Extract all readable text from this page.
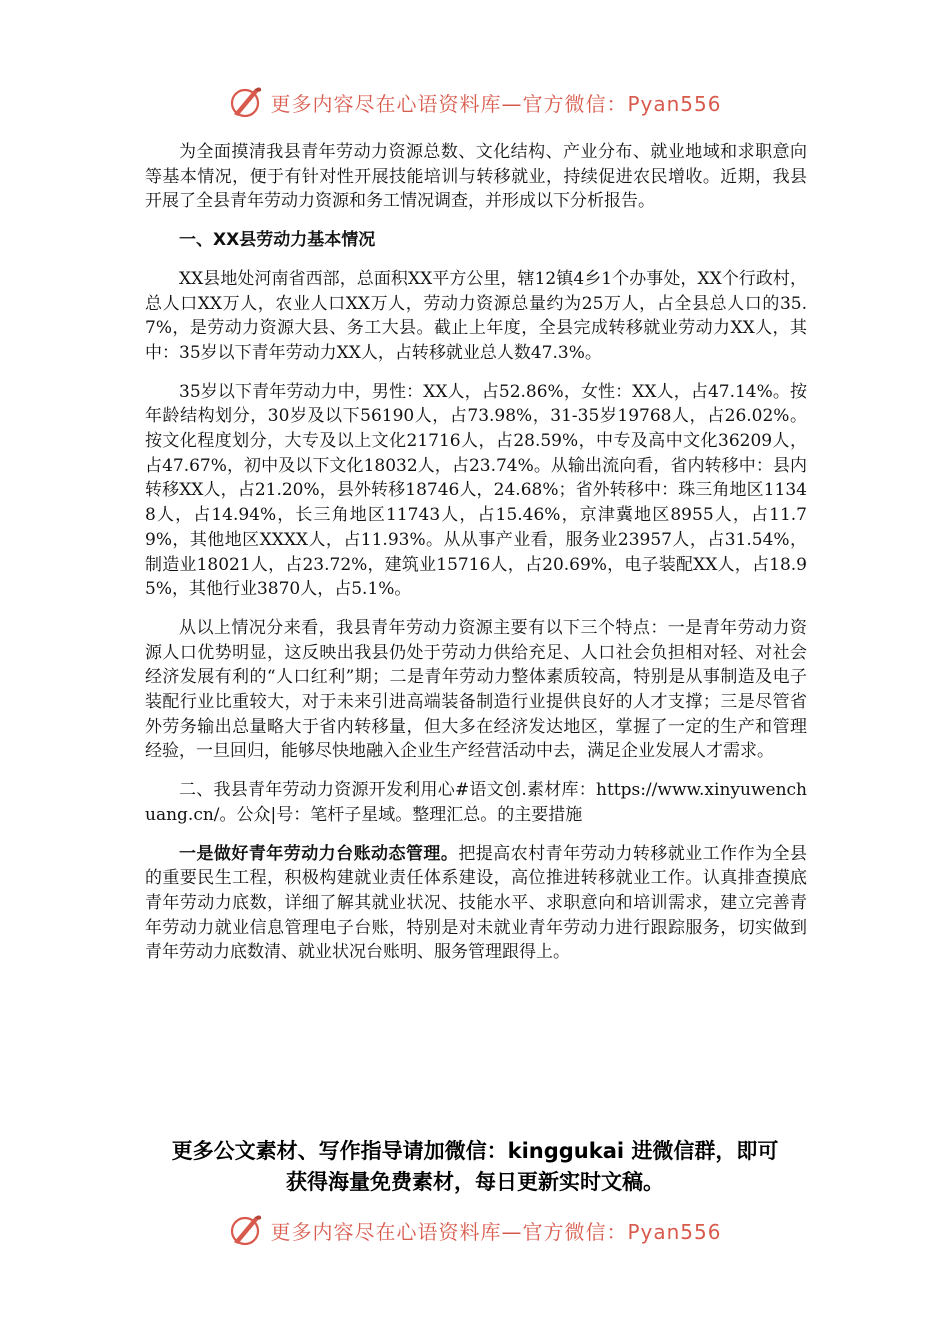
更多内容尽在心语资料库—官方微信：Pyan556

为全面摸清我县青年劳动力资源总数、文化结构、产业分布、就业地域和求职意向等基本情况，便于有针对性开展技能培训与转移就业，持续促进农民增收。近期，我县开展了全县青年劳动力资源和务工情况调查，并形成以下分析报告。

一、XX县劳动力基本情况

XX县地处河南省西部，总面积XX平方公里，辖12镇4乡1个办事处，XX个行政村，总人口XX万人，农业人口XX万人，劳动力资源总量约为25万人，占全县总人口的35.7%，是劳动力资源大县、务工大县。截止上年度，全县完成转移就业劳动力XX人，其中：35岁以下青年劳动力XX人，占转移就业总人数47.3%。

35岁以下青年劳动力中，男性：XX人，占52.86%，女性：XX人，占47.14%。按年龄结构划分，30岁及以下56190人，占73.98%，31-35岁19768人，占26.02%。按文化程度划分，大专及以上文化21716人，占28.59%，中专及高中文化36209人，占47.67%，初中及以下文化18032人，占23.74%。从输出流向看，省内转移中：县内转移XX人，占21.20%，县外转移18746人，24.68%；省外转移中：珠三角地区11348人，占14.94%，长三角地区11743人，占15.46%，京津冀地区8955人，占11.79%，其他地区XXXX人，占11.93%。从从事产业看，服务业23957人，占31.54%，制造业18021人，占23.72%，建筑业15716人，占20.69%，电子装配XX人，占18.95%，其他行业3870人，占5.1%。

从以上情况分来看，我县青年劳动力资源主要有以下三个特点：一是青年劳动力资源人口优势明显，这反映出我县仍处于劳动力供给充足、人口社会负担相对轻、对社会经济发展有利的“人口红利”期；二是青年劳动力整体素质较高，特别是从事制造及电子装配行业比重较大，对于未来引进高端装备制造行业提供良好的人才支撑；三是尽管省外劳务输出总量略大于省内转移量，但大多在经济发达地区，掌握了一定的生产和管理经验，一旦回归，能够尽快地融入企业生产经营活动中去，满足企业发展人才需求。

二、我县青年劳动力资源开发利用心#语文创.素材库：https://www.xinyuwenchuang.cn/。公众|号：笔杆子星域。整理汇总。的主要措施

一是做好青年劳动力台账动态管理。把提高农村青年劳动力转移就业工作作为全县的重要民生工程，积极构建就业责任体系建设，高位推进转移就业工作。认真排查摸底青年劳动力底数，详细了解其就业状况、技能水平、求职意向和培训需求，建立完善青年劳动力就业信息管理电子台账，特别是对未就业青年劳动力进行跟踪服务，切实做到青年劳动力底数清、就业状况台账明、服务管理跟得上。

更多公文素材、写作指导请加微信：kinggukai 进微信群，即可
获得海量免费素材，每日更新实时文稿。
更多内容尽在心语资料库—官方微信：Pyan556
